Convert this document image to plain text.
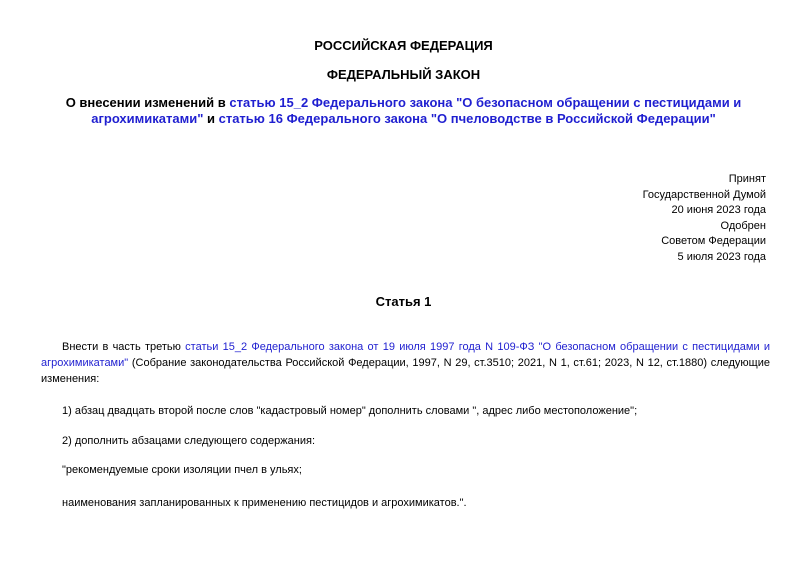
РОССИЙСКАЯ ФЕДЕРАЦИЯ
ФЕДЕРАЛЬНЫЙ ЗАКОН
О внесении изменений в статью 15_2 Федерального закона "О безопасном обращении с пестицидами и агрохимикатами" и статью 16 Федерального закона "О пчеловодстве в Российской Федерации"
Принят
Государственной Думой
20 июня 2023 года
Одобрен
Советом Федерации
5 июля 2023 года
Статья 1
Внести в часть третью статьи 15_2 Федерального закона от 19 июля 1997 года N 109-ФЗ "О безопасном обращении с пестицидами и агрохимикатами" (Собрание законодательства Российской Федерации, 1997, N 29, ст.3510; 2021, N 1, ст.61; 2023, N 12, ст.1880) следующие изменения:
1) абзац двадцать второй после слов "кадастровый номер" дополнить словами ", адрес либо местоположение";
2) дополнить абзацами следующего содержания:
"рекомендуемые сроки изоляции пчел в ульях;
наименования запланированных к применению пестицидов и агрохимикатов.".
